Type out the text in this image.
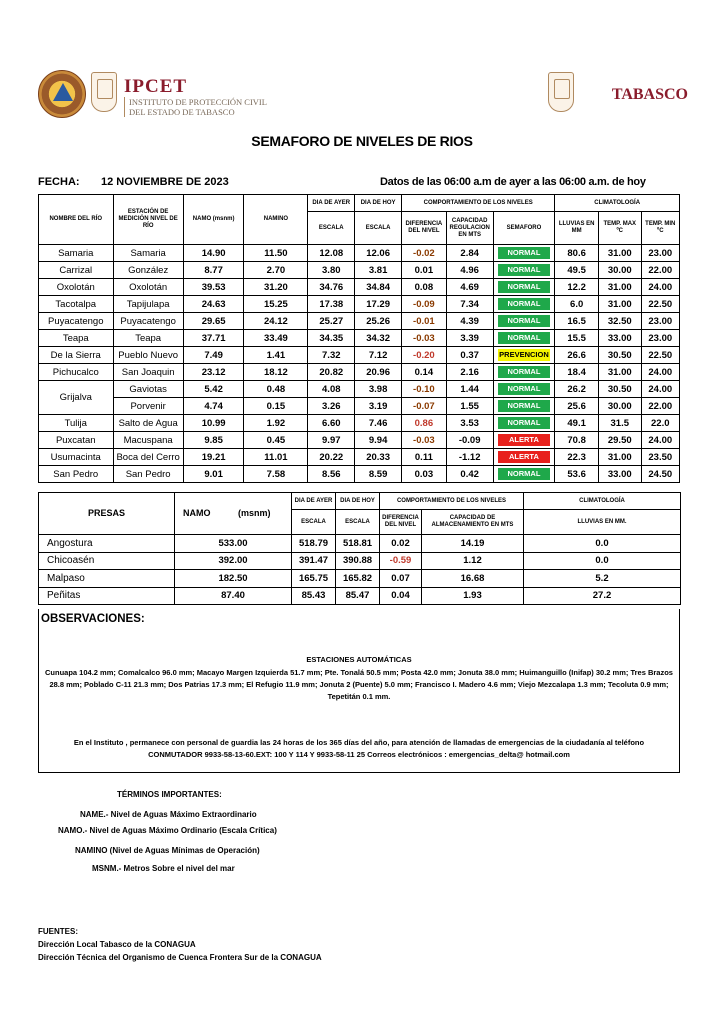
IPCET
INSTITUTO DE PROTECCIÓN CIVIL
DEL ESTADO DE TABASCO
TABASCO
SEMAFORO DE NIVELES DE RIOS
FECHA: 12 NOVIEMBRE DE 2023	Datos de las 06:00 a.m de ayer a las 06:00 a.m. de hoy
NOMBRE DEL RÍO	ESTACIÓN DE MEDICIÓN NIVEL DE RÍO	NAMO (msnm)	NAMINO	DIA DE AYER	DIA DE HOY	COMPORTAMIENTO DE LOS NIVELES			CLIMATOLOGÍA		
				ESCALA	ESCALA	DIFERENCIA DEL NIVEL	CAPACIDAD REGULACION EN MTS	SEMAFORO	LLUVIAS EN MM	TEMP. MAX ºC	TEMP. MIN ºC
Samaria	Samaria	14.90	11.50	12.08	12.06	-0.02	2.84	NORMAL	80.6	31.00	23.00
Carrizal	González	8.77	2.70	3.80	3.81	0.01	4.96	NORMAL	49.5	30.00	22.00
Oxolotán	Oxolotán	39.53	31.20	34.76	34.84	0.08	4.69	NORMAL	12.2	31.00	24.00
Tacotalpa	Tapijulapa	24.63	15.25	17.38	17.29	-0.09	7.34	NORMAL	6.0	31.00	22.50
Puyacatengo	Puyacatengo	29.65	24.12	25.27	25.26	-0.01	4.39	NORMAL	16.5	32.50	23.00
Teapa	Teapa	37.71	33.49	34.35	34.32	-0.03	3.39	NORMAL	15.5	33.00	23.00
De la Sierra	Pueblo Nuevo	7.49	1.41	7.32	7.12	-0.20	0.37	PREVENCION	26.6	30.50	22.50
Pichucalco	San Joaquin	23.12	18.12	20.82	20.96	0.14	2.16	NORMAL	18.4	31.00	24.00
Grijalva	Gaviotas	5.42	0.48	4.08	3.98	-0.10	1.44	NORMAL	26.2	30.50	24.00
	Porvenir	4.74	0.15	3.26	3.19	-0.07	1.55	NORMAL	25.6	30.00	22.00
Tulija	Salto de Agua	10.99	1.92	6.60	7.46	0.86	3.53	NORMAL	49.1	31.5	22.0
Puxcatan	Macuspana	9.85	0.45	9.97	9.94	-0.03	-0.09	ALERTA	70.8	29.50	24.00
Usumacinta	Boca del Cerro	19.21	11.01	20.22	20.33	0.11	-1.12	ALERTA	22.3	31.00	23.50
San Pedro	San Pedro	9.01	7.58	8.56	8.59	0.03	0.42	NORMAL	53.6	33.00	24.50
PRESAS	NAMO (msnm)	DIA DE AYER	DIA DE HOY	COMPORTAMIENTO DE LOS NIVELES		CLIMATOLOGÍA
		ESCALA	ESCALA	DIFERENCIA DEL NIVEL	CAPACIDAD DE ALMACENAMIENTO EN MTS	LLUVIAS EN MM.
Angostura	533.00	518.79	518.81	0.02	14.19	0.0
Chicoasén	392.00	391.47	390.88	-0.59	1.12	0.0
Malpaso	182.50	165.75	165.82	0.07	16.68	5.2
Peñitas	87.40	85.43	85.47	0.04	1.93	27.2
OBSERVACIONES:
ESTACIONES AUTOMÁTICAS
Cunuapa 104.2 mm; Comalcalco 96.0 mm; Macayo Margen Izquierda 51.7 mm; Pte. Tonalá 50.5 mm; Posta 42.0 mm; Jonuta 38.0 mm; Huimanguillo (Inifap) 30.2 mm; Tres Brazos 28.8 mm; Poblado C-11 21.3 mm; Dos Patrias 17.3 mm; El Refugio 11.9 mm; Jonuta 2 (Puente) 5.0 mm; Francisco I. Madero 4.6 mm; Viejo Mezcalapa 1.3 mm; Tecoluta 0.9 mm; Tepetitán 0.1 mm.
En el Instituto , permanece con personal de guardia las 24 horas de los 365 días del año, para atención de llamadas de emergencias de la ciudadanía al teléfono
CONMUTADOR 9933-58-13-60.EXT: 100 Y 114 Y 9933-58-11 25 Correos electrónicos : emergencias_delta@ hotmail.com
TÉRMINOS IMPORTANTES:
NAME.- Nivel de Aguas Máximo Extraordinario
NAMO.- Nivel de Aguas Máximo Ordinario (Escala Crítica)
NAMINO (Nivel de Aguas Mínimas de Operación)
MSNM.- Metros Sobre el nivel del mar
FUENTES:
Dirección Local Tabasco de la CONAGUA
Dirección Técnica del Organismo de Cuenca Frontera Sur de la CONAGUA
